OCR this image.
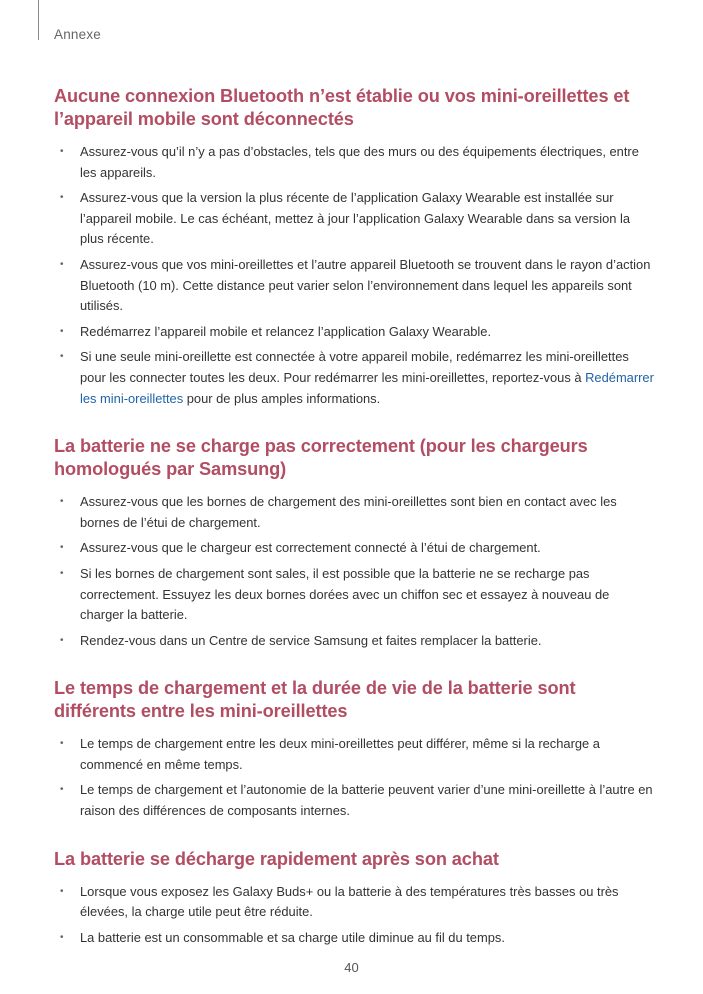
Annexe
Aucune connexion Bluetooth n’est établie ou vos mini-oreillettes et l’appareil mobile sont déconnectés
• Assurez-vous qu’il n’y a pas d’obstacles, tels que des murs ou des équipements électriques, entre les appareils.
• Assurez-vous que la version la plus récente de l’application Galaxy Wearable est installée sur l’appareil mobile. Le cas échéant, mettez à jour l’application Galaxy Wearable dans sa version la plus récente.
• Assurez-vous que vos mini-oreillettes et l’autre appareil Bluetooth se trouvent dans le rayon d’action Bluetooth (10 m). Cette distance peut varier selon l’environnement dans lequel les appareils sont utilisés.
• Redémarrez l’appareil mobile et relancez l’application Galaxy Wearable.
• Si une seule mini-oreillette est connectée à votre appareil mobile, redémarrez les mini-oreillettes pour les connecter toutes les deux. Pour redémarrer les mini-oreillettes, reportez-vous à Redémarrer les mini-oreillettes pour de plus amples informations.
La batterie ne se charge pas correctement (pour les chargeurs homologués par Samsung)
• Assurez-vous que les bornes de chargement des mini-oreillettes sont bien en contact avec les bornes de l’étui de chargement.
• Assurez-vous que le chargeur est correctement connecté à l’étui de chargement.
• Si les bornes de chargement sont sales, il est possible que la batterie ne se recharge pas correctement. Essuyez les deux bornes dorées avec un chiffon sec et essayez à nouveau de charger la batterie.
• Rendez-vous dans un Centre de service Samsung et faites remplacer la batterie.
Le temps de chargement et la durée de vie de la batterie sont différents entre les mini-oreillettes
• Le temps de chargement entre les deux mini-oreillettes peut différer, même si la recharge a commencé en même temps.
• Le temps de chargement et l’autonomie de la batterie peuvent varier d’une mini-oreillette à l’autre en raison des différences de composants internes.
La batterie se décharge rapidement après son achat
• Lorsque vous exposez les Galaxy Buds+ ou la batterie à des températures très basses ou très élevées, la charge utile peut être réduite.
• La batterie est un consommable et sa charge utile diminue au fil du temps.
40
